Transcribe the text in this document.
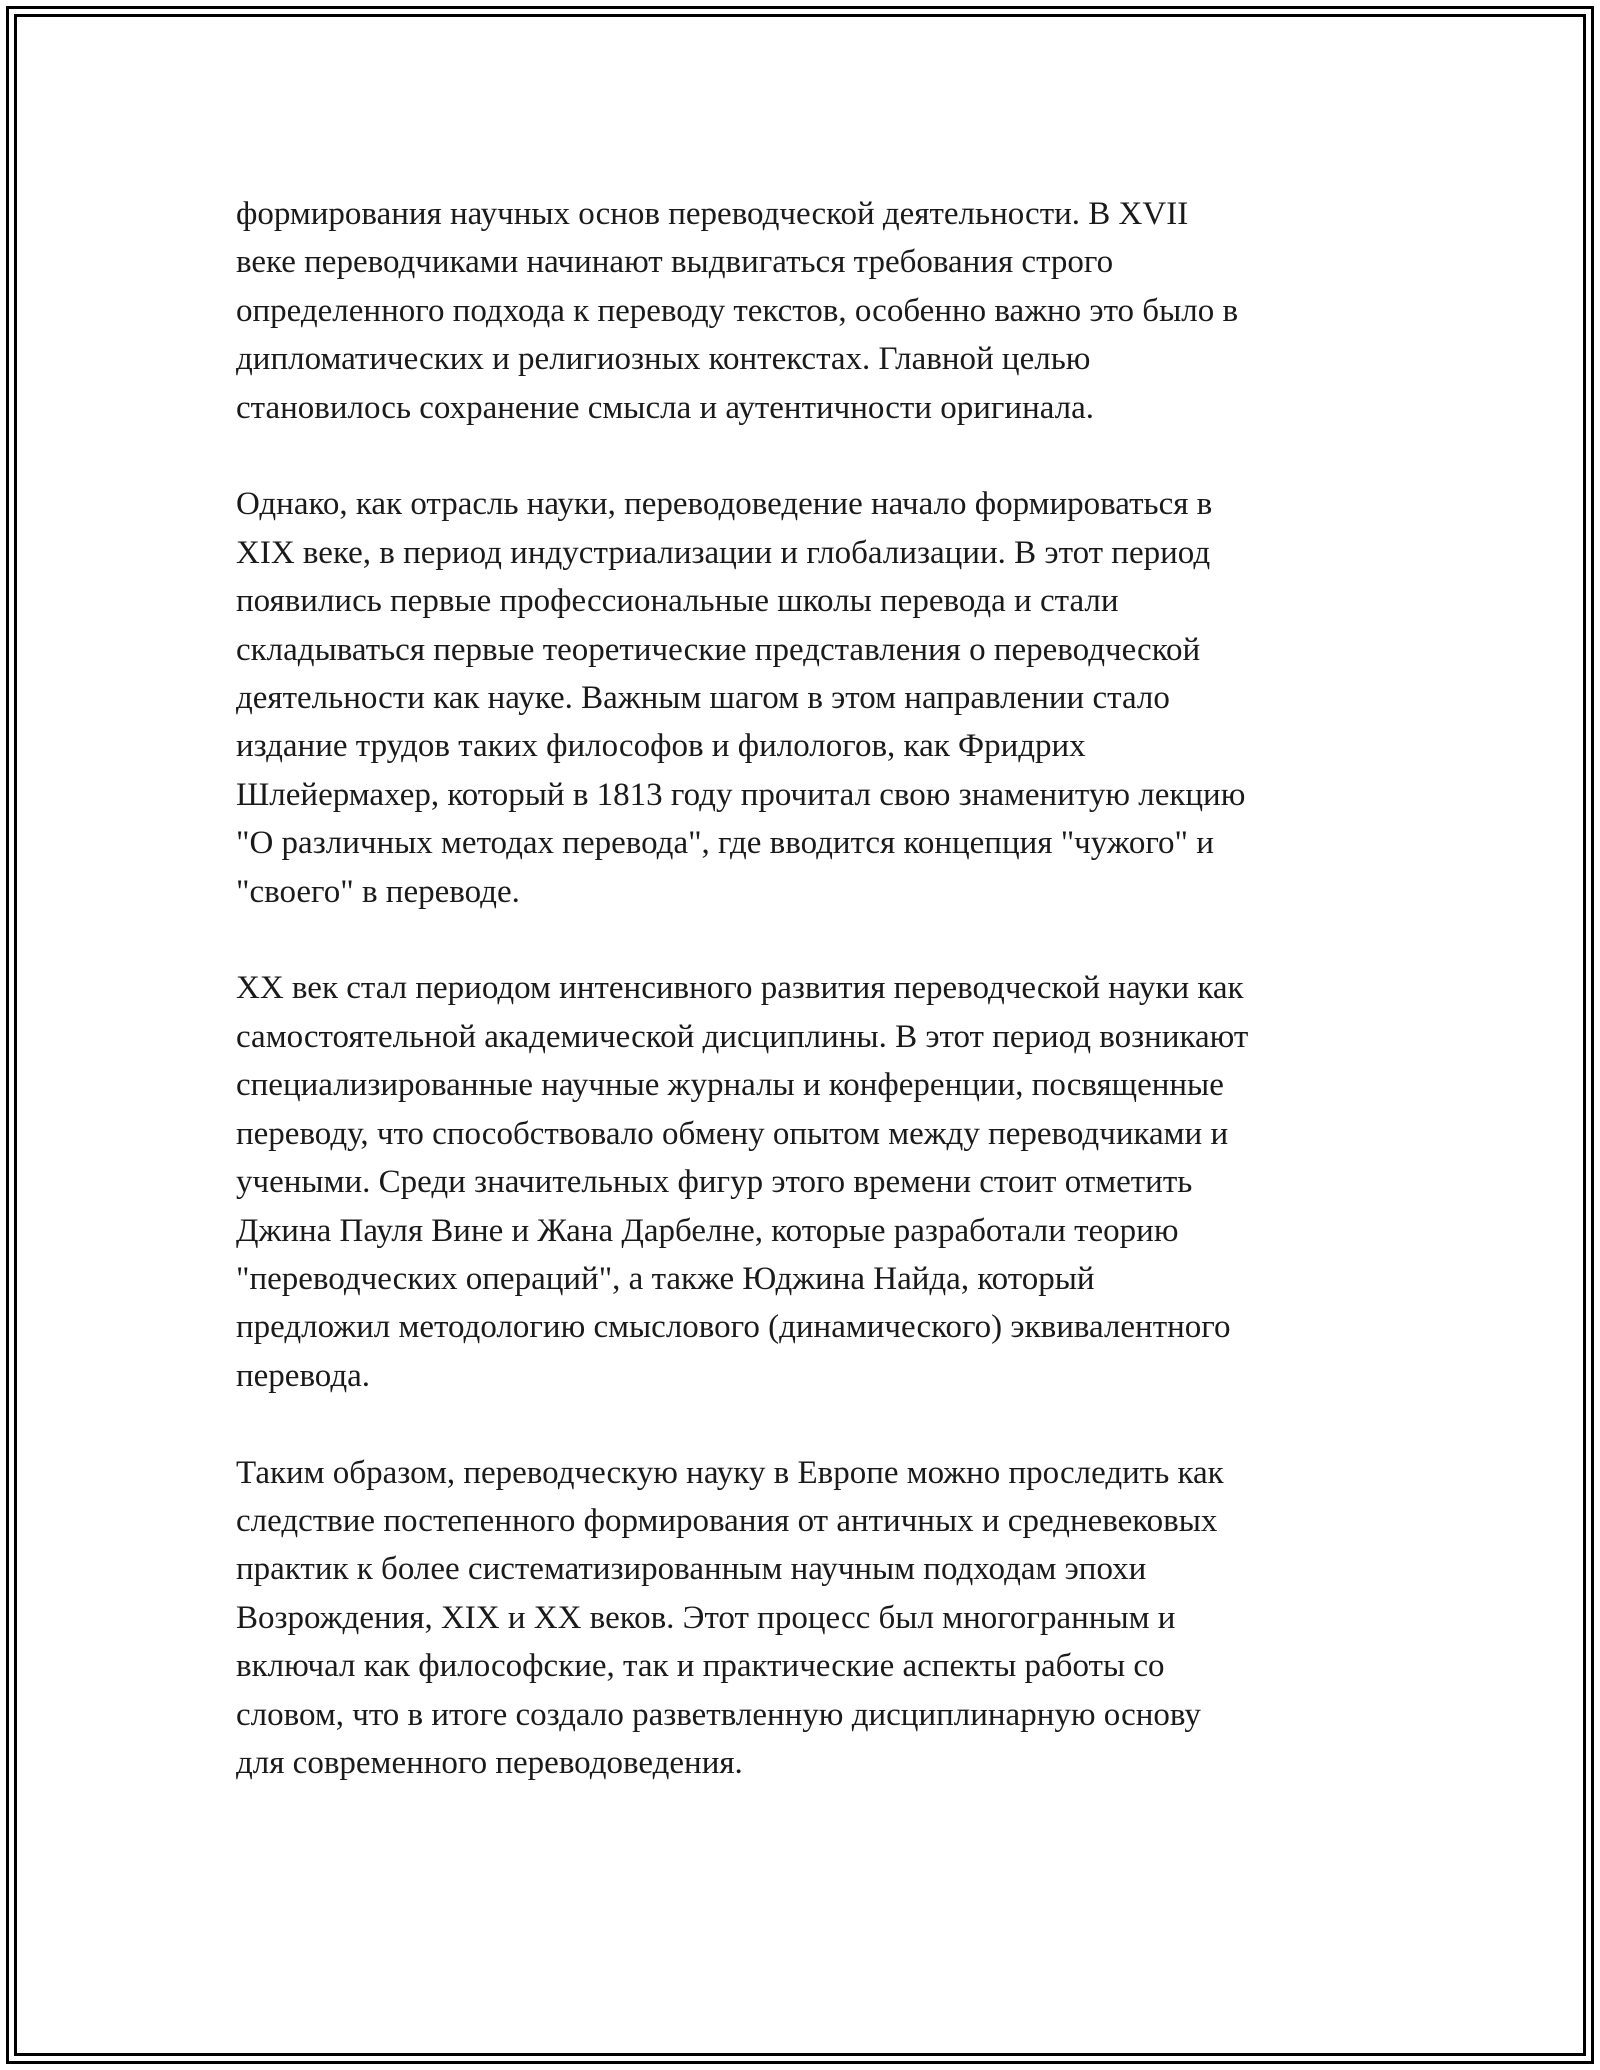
формирования научных основ переводческой деятельности. В XVII
веке переводчиками начинают выдвигаться требования строго
определенного подхода к переводу текстов, особенно важно это было в
дипломатических и религиозных контекстах. Главной целью
становилось сохранение смысла и аутентичности оригинала.

Однако, как отрасль науки, переводоведение начало формироваться в
XIX веке, в период индустриализации и глобализации. В этот период
появились первые профессиональные школы перевода и стали
складываться первые теоретические представления о переводческой
деятельности как науке. Важным шагом в этом направлении стало
издание трудов таких философов и филологов, как Фридрих
Шлейермахер, который в 1813 году прочитал свою знаменитую лекцию
"О различных методах перевода", где вводится концепция "чужого" и
"своего" в переводе.

XX век стал периодом интенсивного развития переводческой науки как
самостоятельной академической дисциплины. В этот период возникают
специализированные научные журналы и конференции, посвященные
переводу, что способствовало обмену опытом между переводчиками и
учеными. Среди значительных фигур этого времени стоит отметить
Джина Пауля Вине и Жана Дарбелне, которые разработали теорию
"переводческих операций", а также Юджина Найда, который
предложил методологию смыслового (динамического) эквивалентного
перевода.

Таким образом, переводческую науку в Европе можно проследить как
следствие постепенного формирования от античных и средневековых
практик к более систематизированным научным подходам эпохи
Возрождения, XIX и XX веков. Этот процесс был многогранным и
включал как философские, так и практические аспекты работы со
словом, что в итоге создало разветвленную дисциплинарную основу
для современного переводоведения.
